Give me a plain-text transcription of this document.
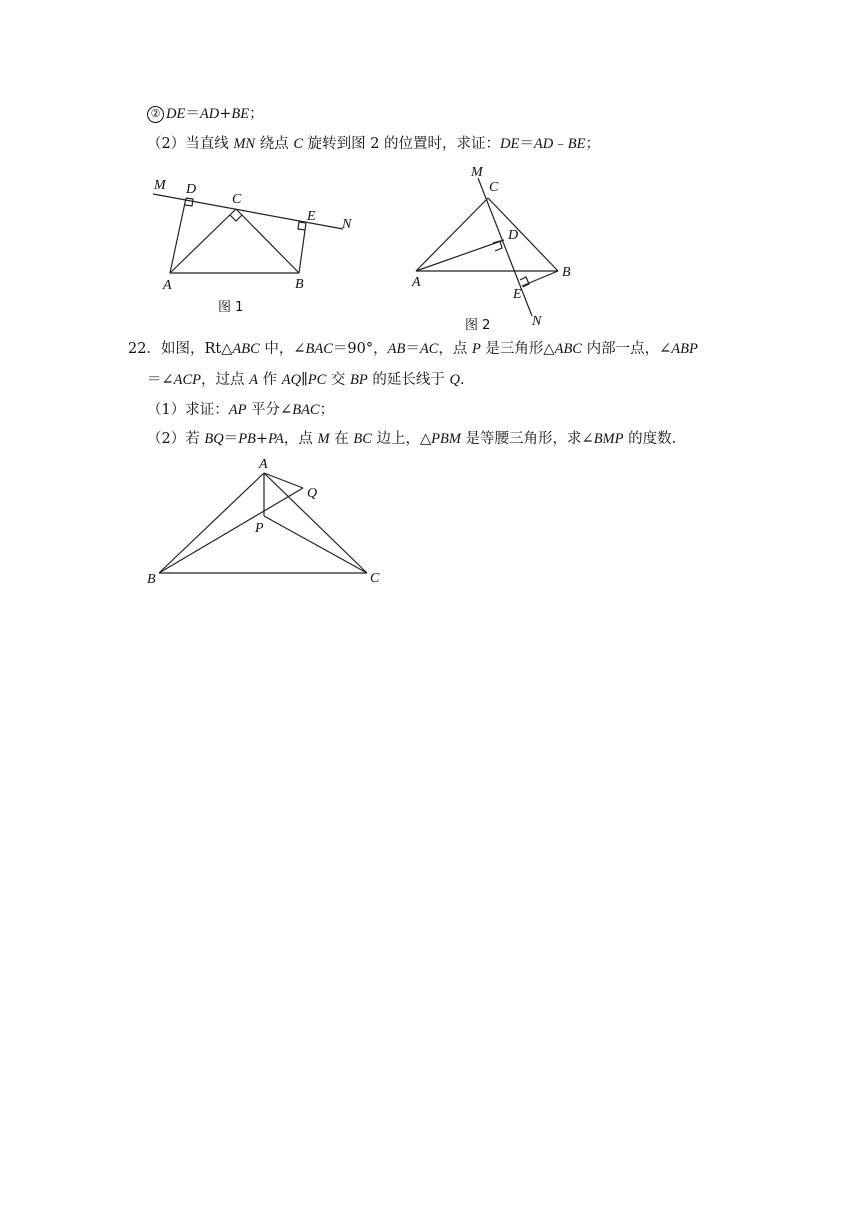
② DE＝AD+BE；
（2）当直线 MN 绕点 C 旋转到图 2 的位置时，求证：DE＝AD﹣BE；
M D
C
E
N
A	B
图 1
M
C
D
B
A
E
N
图 2
22．如图，Rt△ABC 中，∠BAC＝90°，AB＝AC，点 P 是三角形△ABC 内部一点，∠ABP
＝∠ACP，过点 A 作 AQ∥PC 交 BP 的延长线于 Q.
（1）求证：AP 平分∠BAC；
（2）若 BQ＝PB+PA，点 M 在 BC 边上，△PBM 是等腰三角形，求∠BMP 的度数.
A
Q
P
B	C
